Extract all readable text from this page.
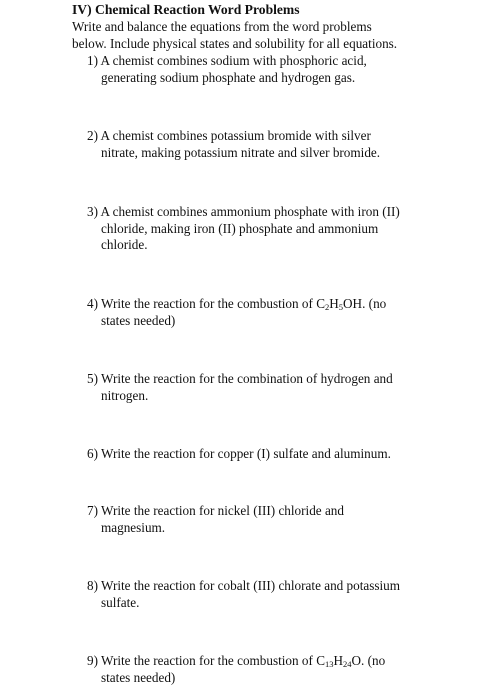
IV) Chemical Reaction Word Problems
Write and balance the equations from the word problems
below. Include physical states and solubility for all equations.
1) A chemist combines sodium with phosphoric acid,
generating sodium phosphate and hydrogen gas.
2) A chemist combines potassium bromide with silver
nitrate, making potassium nitrate and silver bromide.
3) A chemist combines ammonium phosphate with iron (II)
chloride, making iron (II) phosphate and ammonium
chloride.
4) Write the reaction for the combustion of $C_2H_5OH$. (no
states needed)
5) Write the reaction for the combination of hydrogen and
nitrogen.
6) Write the reaction for copper (I) sulfate and aluminum.
7) Write the reaction for nickel (III) chloride and
magnesium.
8) Write the reaction for cobalt (III) chlorate and potassium
sulfate.
9) Write the reaction for the combustion of $C_{13}H_{24}O$. (no
states needed)
